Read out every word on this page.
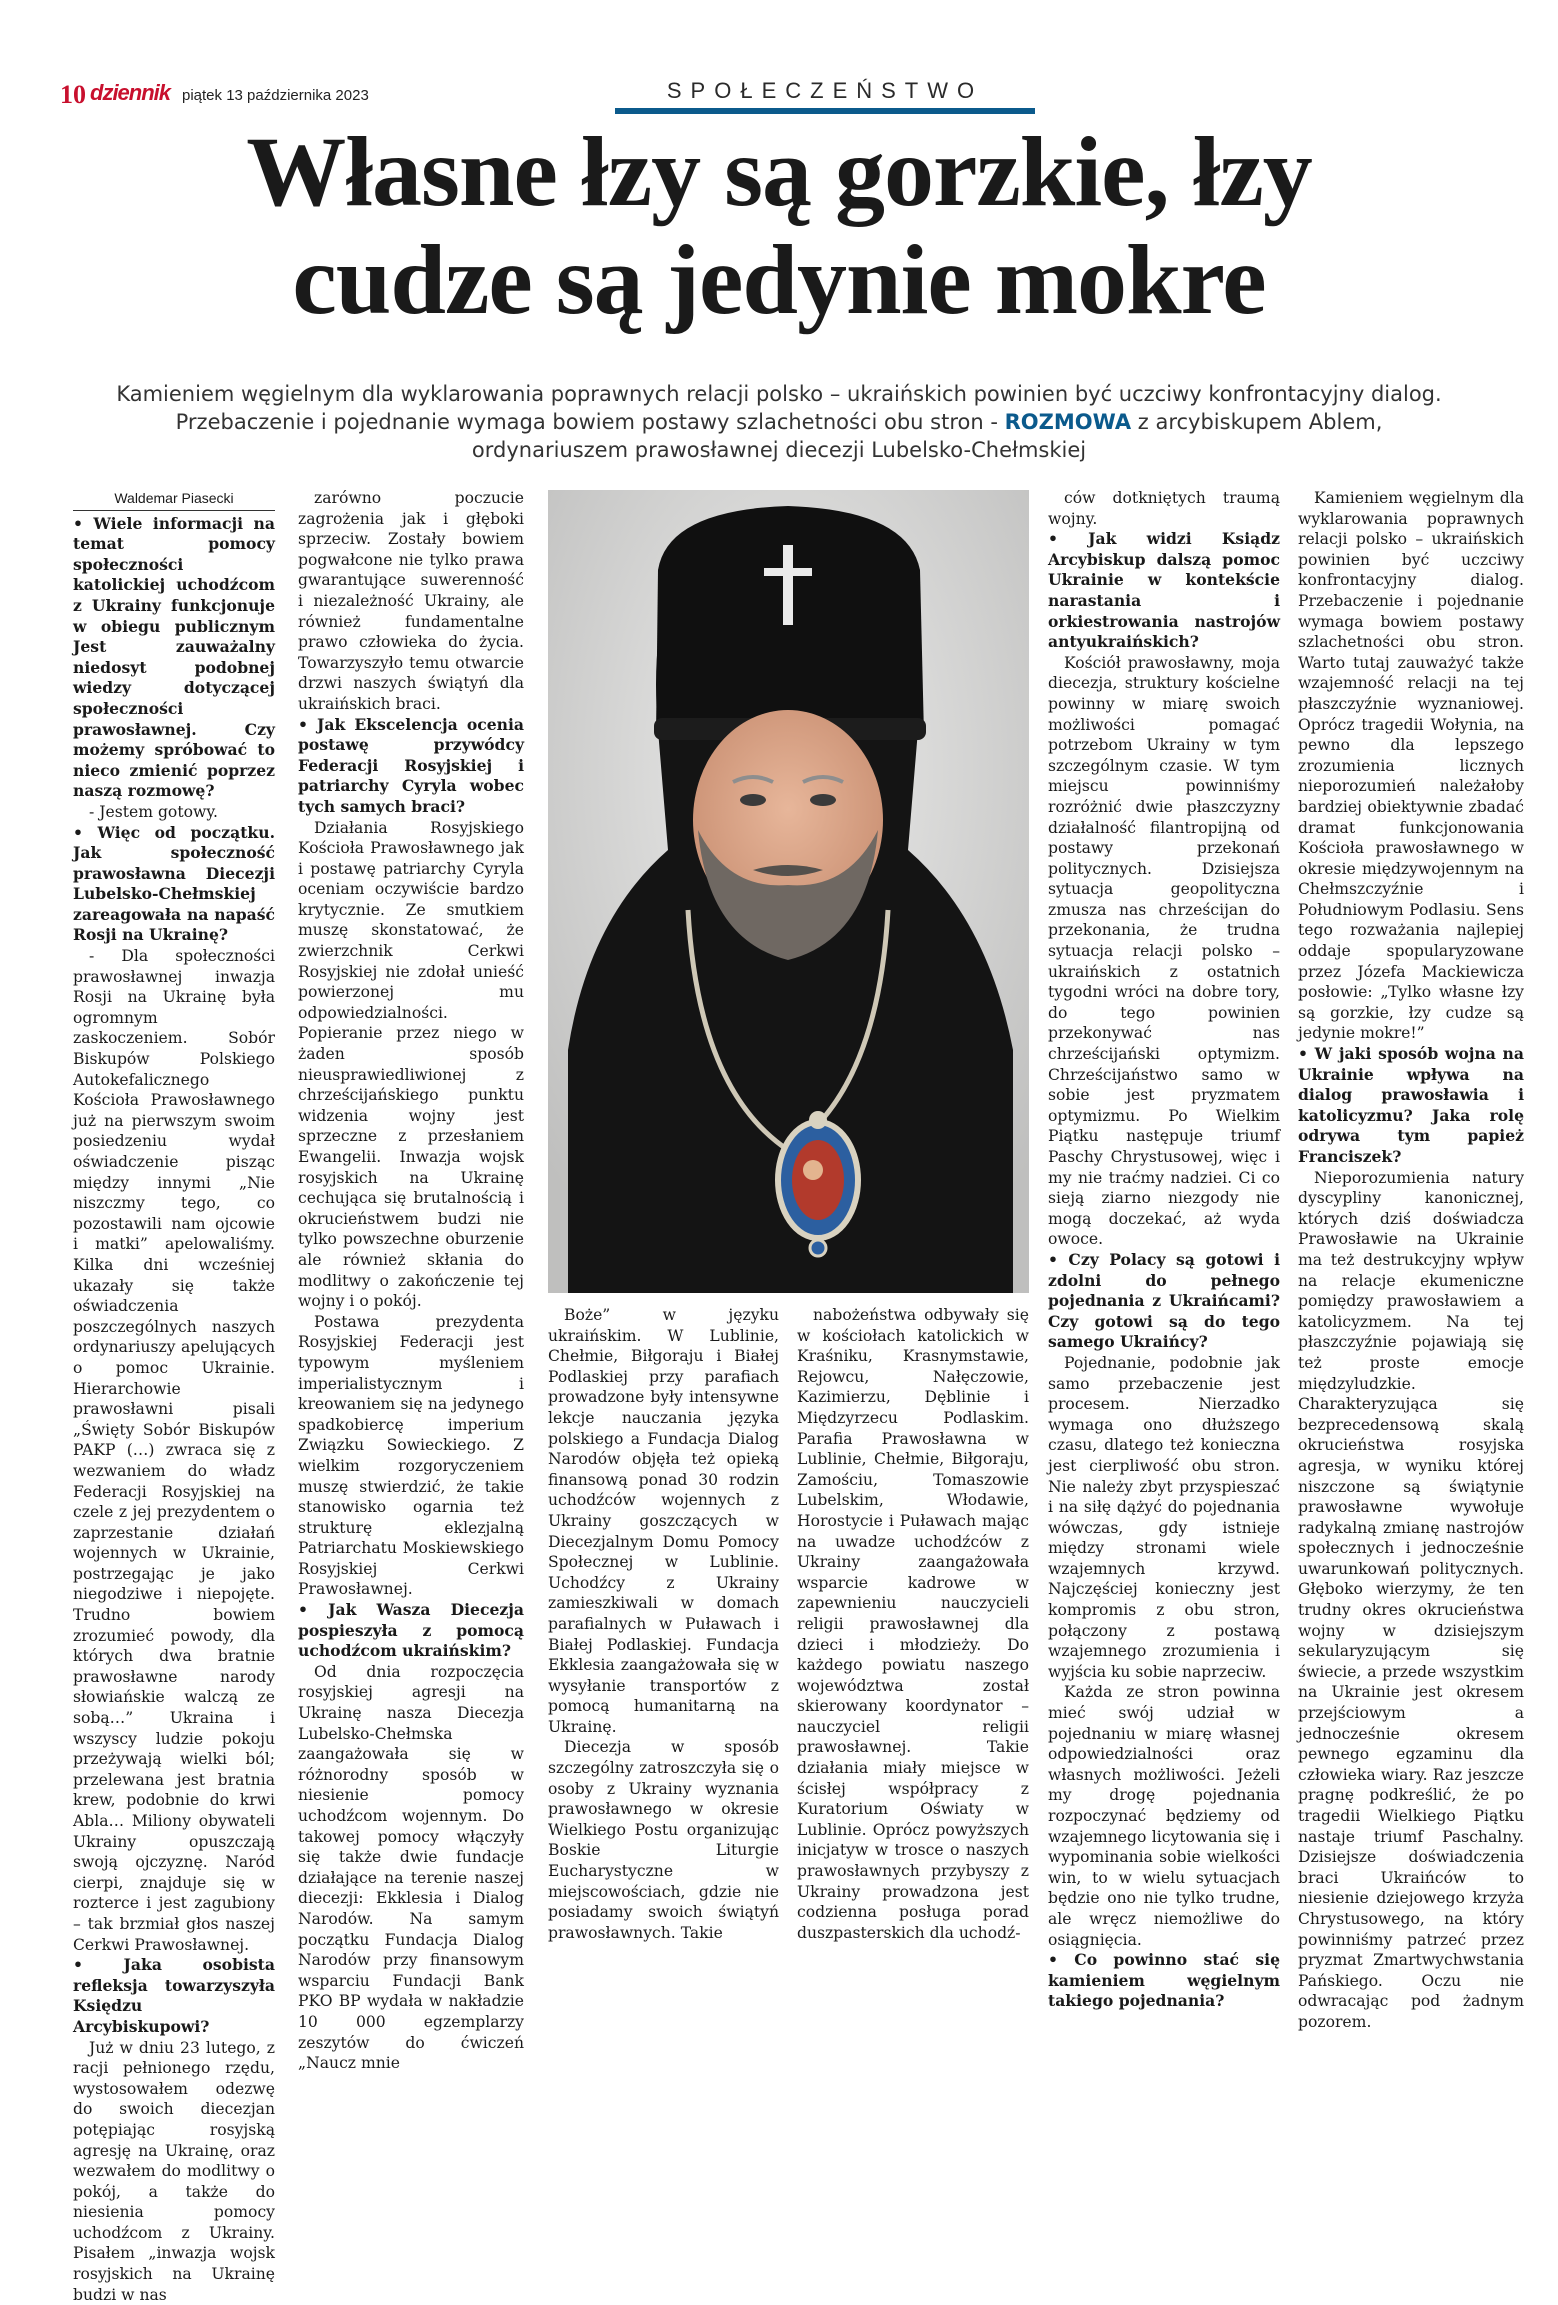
10 dziennik piątek 13 października 2023	SPOŁECZEŃSTWO
Własne łzy są gorzkie, łzy
cudze są jedynie mokre
Kamieniem węgielnym dla wyklarowania poprawnych relacji polsko – ukraińskich powinien być uczciwy konfrontacyjny dialog.
Przebaczenie i pojednanie wymaga bowiem postawy szlachetności obu stron - ROZMOWA z arcybiskupem Ablem,
ordynariuszem prawosławnej diecezji Lubelsko-Chełmskiej
Waldemar Piasecki

• Wiele informacji na temat pomocy społeczności katolickiej uchodźcom z Ukrainy funkcjonuje w obiegu publicznym Jest zauważalny niedosyt podobnej wiedzy dotyczącej społeczności prawosławnej. Czy możemy spróbować to nieco zmienić poprzez naszą rozmowę?

- Jestem gotowy.

• Więc od początku. Jak społeczność prawosławna Diecezji Lubelsko-Chełmskiej zareagowała na napaść Rosji na Ukrainę?

- Dla społeczności prawosławnej inwazja Rosji na Ukrainę była ogromnym zaskoczeniem. Sobór Biskupów Polskiego Autokefalicznego Kościoła Prawosławnego już na pierwszym swoim posiedzeniu wydał oświadczenie pisząc między innymi „Nie niszczmy tego, co pozostawili nam ojcowie i matki” apelowaliśmy. Kilka dni wcześniej ukazały się także oświadczenia poszczególnych naszych ordynariuszy apelujących o pomoc Ukrainie. Hierarchowie prawosławni pisali „Święty Sobór Biskupów PAKP (…) zwraca się z wezwaniem do władz Federacji Rosyjskiej na czele z jej prezydentem o zaprzestanie działań wojennych w Ukrainie, postrzegając je jako niegodziwe i niepojęte. Trudno bowiem zrozumieć powody, dla których dwa bratnie prawosławne narody słowiańskie walczą ze sobą…” Ukraina i wszyscy ludzie pokoju przeżywają wielki ból; przelewana jest bratnia krew, podobnie do krwi Abla… Miliony obywateli Ukrainy opuszczają swoją ojczyznę. Naród cierpi, znajduje się w rozterce i jest zagubiony – tak brzmiał głos naszej Cerkwi Prawosławnej.

• Jaka osobista refleksja towarzyszyła Księdzu Arcybiskupowi?

Już w dniu 23 lutego, z racji pełnionego rzędu, wystosowałem odezwę do swoich diecezjan potępiając rosyjską agresję na Ukrainę, oraz wezwałem do modlitwy o pokój, a także do niesienia pomocy uchodźcom z Ukrainy. Pisałem „inwazja wojsk rosyjskich na Ukrainę budzi w nas

zarówno poczucie zagrożenia jak i głęboki sprzeciw. Zostały bowiem pogwałcone nie tylko prawa gwarantujące suwerenność i niezależność Ukrainy, ale również fundamentalne prawo człowieka do życia. Towarzyszyło temu otwarcie drzwi naszych świątyń dla ukraińskich braci.

• Jak Ekscelencja ocenia postawę przywódcy Federacji Rosyjskiej i patriarchy Cyryla wobec tych samych braci?

Działania Rosyjskiego Kościoła Prawosławnego jak i postawę patriarchy Cyryla oceniam oczywiście bardzo krytycznie. Ze smutkiem muszę skonstatować, że zwierzchnik Cerkwi Rosyjskiej nie zdołał unieść powierzonej mu odpowiedzialności. Popieranie przez niego w żaden sposób nieusprawiedliwionej z chrześcijańskiego punktu widzenia wojny jest sprzeczne z przesłaniem Ewangelii. Inwazja wojsk rosyjskich na Ukrainę cechująca się brutalnością i okrucieństwem budzi nie tylko powszechne oburzenie ale również skłania do modlitwy o zakończenie tej wojny i o pokój.

Postawa prezydenta Rosyjskiej Federacji jest typowym myśleniem imperialistycznym i kreowaniem się na jedynego spadkobiercę imperium Związku Sowieckiego. Z wielkim rozgoryczeniem muszę stwierdzić, że takie stanowisko ogarnia też strukturę eklezjalną Patriarchatu Moskiewskiego Rosyjskiej Cerkwi Prawosławnej.

• Jak Wasza Diecezja pospieszyła z pomocą uchodźcom ukraińskim?

Od dnia rozpoczęcia rosyjskiej agresji na Ukrainę nasza Diecezja Lubelsko-Chełmska zaangażowała się w różnorodny sposób w niesienie pomocy uchodźcom wojennym. Do takowej pomocy włączyły się także dwie fundacje działające na terenie naszej diecezji: Ekklesia i Dialog Narodów. Na samym początku Fundacja Dialog Narodów przy finansowym wsparciu Fundacji Bank PKO BP wydała w nakładzie 10 000 egzemplarzy zeszytów do ćwiczeń „Naucz mnie

Boże” w języku ukraińskim. W Lublinie, Chełmie, Biłgoraju i Białej Podlaskiej przy parafiach prowadzone były intensywne lekcje nauczania języka polskiego a Fundacja Dialog Narodów objęła też opieką finansową ponad 30 rodzin uchodźców wojennych z Ukrainy goszczących w Diecezjalnym Domu Pomocy Społecznej w Lublinie. Uchodźcy z Ukrainy zamieszkiwali w domach parafialnych w Puławach i Białej Podlaskiej. Fundacja Ekklesia zaangażowała się w wysyłanie transportów z pomocą humanitarną na Ukrainę.

Diecezja w sposób szczególny zatroszczyła się o osoby z Ukrainy wyznania prawosławnego w okresie Wielkiego Postu organizując Boskie Liturgie Eucharystyczne w miejscowościach, gdzie nie posiadamy swoich świątyń prawosławnych. Takie

nabożeństwa odbywały się w kościołach katolickich w Kraśniku, Krasnymstawie, Rejowcu, Nałęczowie, Kazimierzu, Dęblinie i Międzyrzecu Podlaskim. Parafia Prawosławna w Lublinie, Chełmie, Biłgoraju, Zamościu, Tomaszowie Lubelskim, Włodawie, Horostycie i Puławach mając na uwadze uchodźców z Ukrainy zaangażowała wsparcie kadrowe w zapewnieniu nauczycieli religii prawosławnej dla dzieci i młodzieży. Do każdego powiatu naszego województwa został skierowany koordynator – nauczyciel religii prawosławnej. Takie działania miały miejsce w ścisłej współpracy z Kuratorium Oświaty w Lublinie. Oprócz powyższych inicjatyw w trosce o naszych prawosławnych przybyszy z Ukrainy prowadzona jest codzienna posługa porad duszpasterskich dla uchodź-

ców dotkniętych traumą wojny.

• Jak widzi Ksiądz Arcybiskup dalszą pomoc Ukrainie w kontekście narastania i orkiestrowania nastrojów antyukraińskich?

Kościół prawosławny, moja diecezja, struktury kościelne powinny w miarę swoich możliwości pomagać potrzebom Ukrainy w tym szczególnym czasie. W tym miejscu powinniśmy rozróżnić dwie płaszczyzny działalność filantropijną od postawy przekonań politycznych. Dzisiejsza sytuacja geopolityczna zmusza nas chrześcijan do przekonania, że trudna sytuacja relacji polsko – ukraińskich z ostatnich tygodni wróci na dobre tory, do tego powinien przekonywać nas chrześcijański optymizm. Chrześcijaństwo samo w sobie jest pryzmatem optymizmu. Po Wielkim Piątku następuje triumf Paschy Chrystusowej, więc i my nie traćmy nadziei. Ci co sieją ziarno niezgody nie mogą doczekać, aż wyda owoce.

• Czy Polacy są gotowi i zdolni do pełnego pojednania z Ukraińcami? Czy gotowi są do tego samego Ukraińcy?

Pojednanie, podobnie jak samo przebaczenie jest procesem. Nierzadko wymaga ono dłuższego czasu, dlatego też konieczna jest cierpliwość obu stron. Nie należy zbyt przyspieszać i na siłę dążyć do pojednania wówczas, gdy istnieje między stronami wiele wzajemnych krzywd. Najczęściej konieczny jest kompromis z obu stron, połączony z postawą wzajemnego zrozumienia i wyjścia ku sobie naprzeciw.

Każda ze stron powinna mieć swój udział w pojednaniu w miarę własnej odpowiedzialności oraz własnych możliwości. Jeżeli my drogę pojednania rozpoczynać będziemy od wzajemnego licytowania się i wypominania sobie wielkości win, to w wielu sytuacjach będzie ono nie tylko trudne, ale wręcz niemożliwe do osiągnięcia.

• Co powinno stać się kamieniem węgielnym takiego pojednania?

Kamieniem węgielnym dla wyklarowania poprawnych relacji polsko – ukraińskich powinien być uczciwy konfrontacyjny dialog. Przebaczenie i pojednanie wymaga bowiem postawy szlachetności obu stron. Warto tutaj zauważyć także wzajemność relacji na tej płaszczyźnie wyznaniowej. Oprócz tragedii Wołynia, na pewno dla lepszego zrozumienia licznych nieporozumień należałoby bardziej obiektywnie zbadać dramat funkcjonowania Kościoła prawosławnego w okresie międzywojennym na Chełmszczyźnie i Południowym Podlasiu. Sens tego rozważania najlepiej oddaje spopularyzowane przez Józefa Mackiewicza posłowie: „Tylko własne łzy są gorzkie, łzy cudze są jedynie mokre!”

• W jaki sposób wojna na Ukrainie wpływa na dialog prawosławia i katolicyzmu? Jaka rolę odrywa tym papież Franciszek?

Nieporozumienia natury dyscypliny kanonicznej, których dziś doświadcza Prawosławie na Ukrainie ma też destrukcyjny wpływ na relacje ekumeniczne pomiędzy prawosławiem a katolicyzmem. Na tej płaszczyźnie pojawiają się też proste emocje międzyludzkie. Charakteryzująca się bezprecedensową skalą okrucieństwa rosyjska agresja, w wyniku której niszczone są świątynie prawosławne wywołuje radykalną zmianę nastrojów społecznych i jednocześnie uwarunkowań politycznych. Głęboko wierzymy, że ten trudny okres okrucieństwa wojny w dzisiejszym sekularyzującym się świecie, a przede wszystkim na Ukrainie jest okresem przejściowym a jednocześnie okresem pewnego egzaminu dla człowieka wiary. Raz jeszcze pragnę podkreślić, że po tragedii Wielkiego Piątku nastaje triumf Paschalny. Dzisiejsze doświadczenia braci Ukraińców to niesienie dziejowego krzyża Chrystusowego, na który powinniśmy patrzeć przez pryzmat Zmartwychwstania Pańskiego. Oczu nie odwracając pod żadnym pozorem.
